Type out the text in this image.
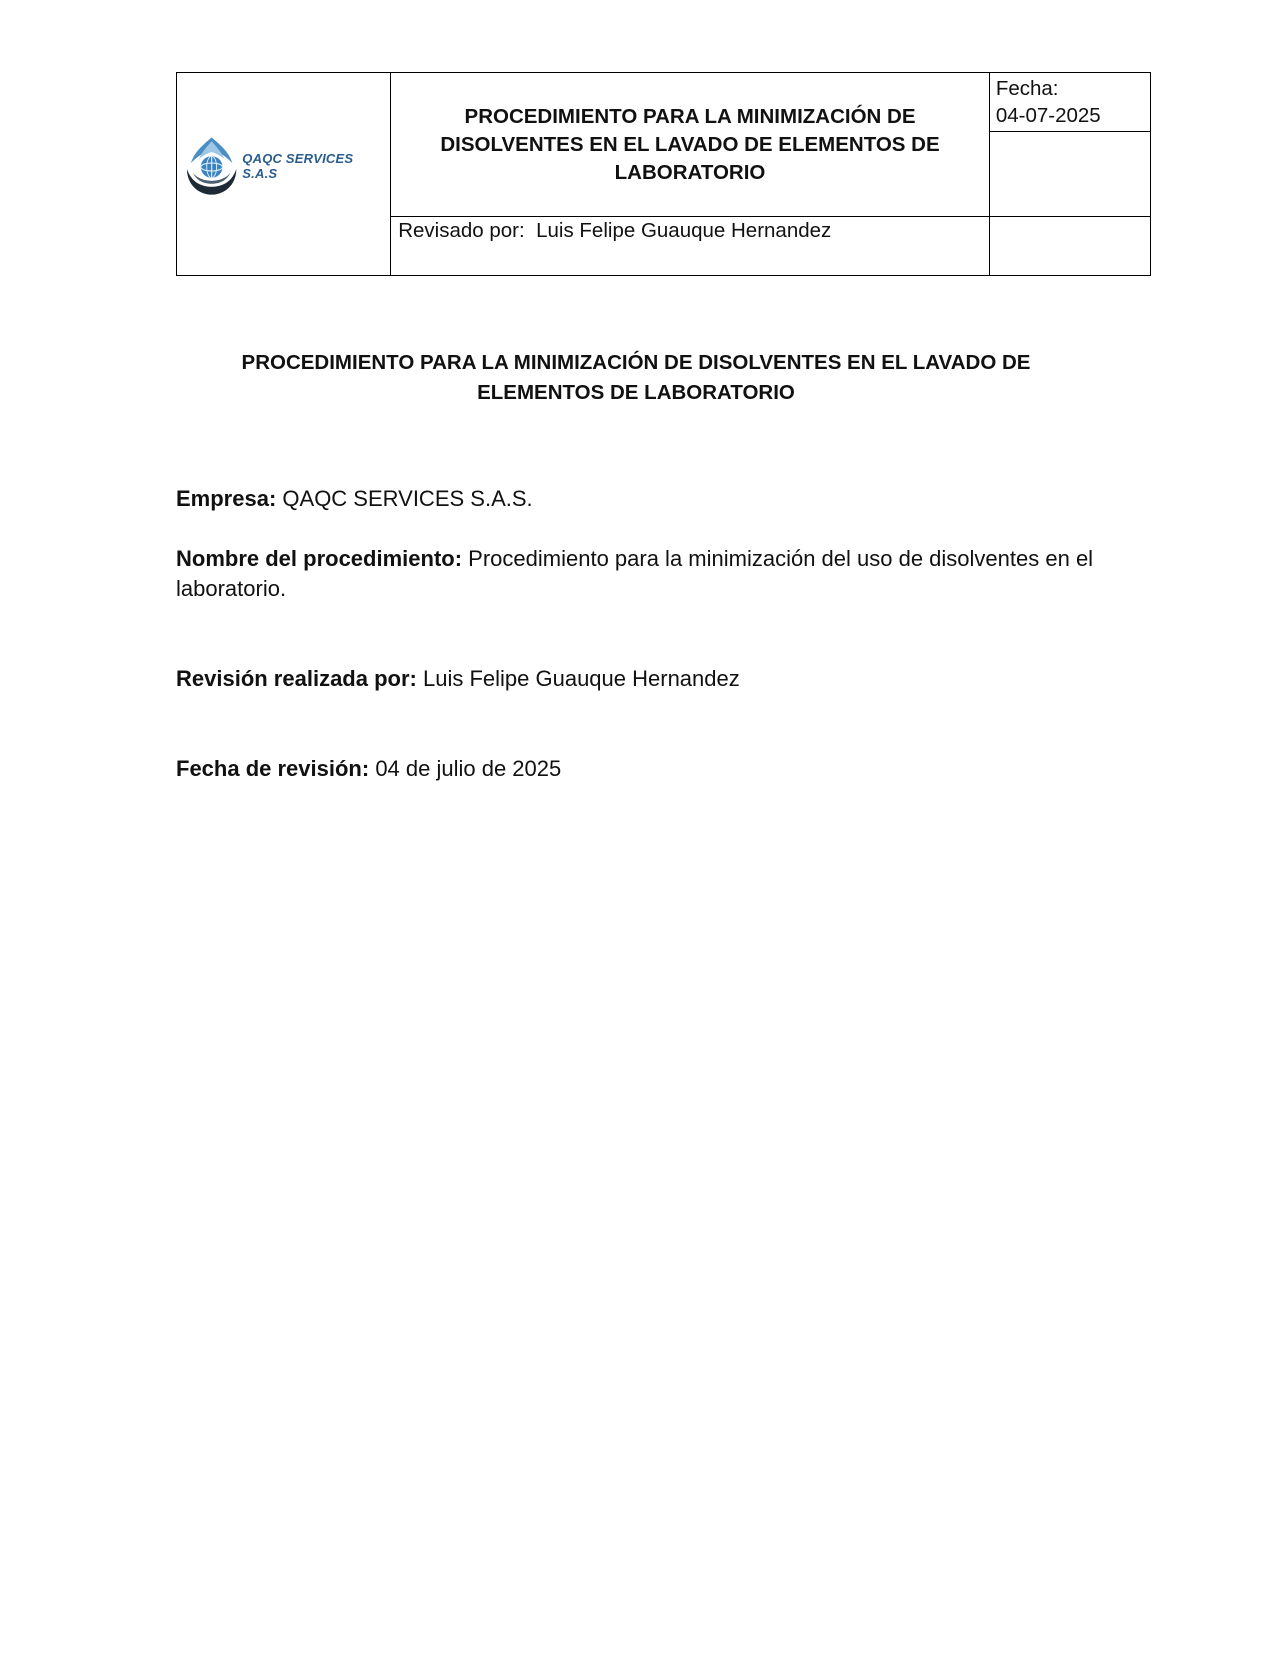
QAQC SERVICES S.A.S	PROCEDIMIENTO PARA LA MINIMIZACIÓN DE DISOLVENTES EN EL LAVADO DE ELEMENTOS DE LABORATORIO	Fecha:
04-07-2025

	Revisado por: Luis Felipe Guauque Hernandez	
PROCEDIMIENTO PARA LA MINIMIZACIÓN DE DISOLVENTES EN EL LAVADO DE ELEMENTOS DE LABORATORIO
Empresa: QAQC SERVICES S.A.S.
Nombre del procedimiento: Procedimiento para la minimización del uso de disolventes en el laboratorio.
Revisión realizada por: Luis Felipe Guauque Hernandez
Fecha de revisión: 04 de julio de 2025
